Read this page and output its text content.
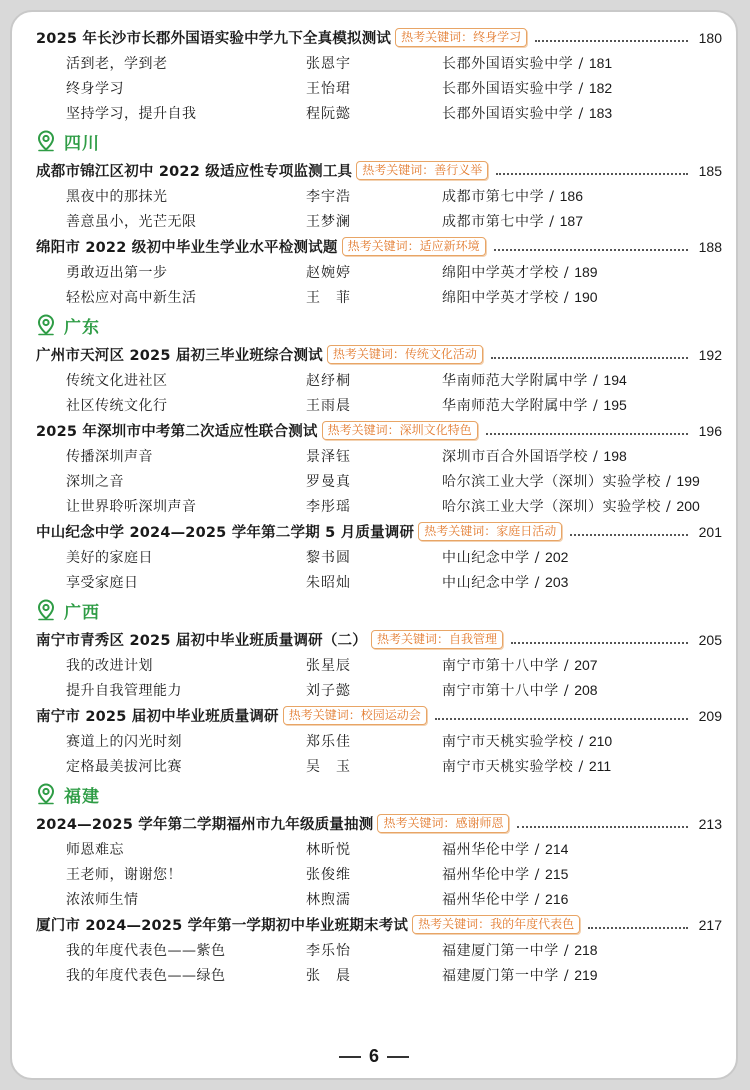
2025 年长沙市长郡外国语实验中学九下全真模拟测试 热考关键词：终身学习	180
活到老，学到老	张恩宇	长郡外国语实验中学 / 181
终身学习	王怡珺	长郡外国语实验中学 / 182
坚持学习，提升自我	程阮懿	长郡外国语实验中学 / 183
四川
成都市锦江区初中 2022 级适应性专项监测工具 热考关键词：善行义举	185
黑夜中的那抹光	李宇浩	成都市第七中学 / 186
善意虽小，光芒无限	王梦澜	成都市第七中学 / 187
绵阳市 2022 级初中毕业生学业水平检测试题 热考关键词：适应新环境	188
勇敢迈出第一步	赵婉婷	绵阳中学英才学校 / 189
轻松应对高中新生活	王　菲	绵阳中学英才学校 / 190
广东
广州市天河区 2025 届初三毕业班综合测试 热考关键词：传统文化活动	192
传统文化进社区	赵纾桐	华南师范大学附属中学 / 194
社区传统文化行	王雨晨	华南师范大学附属中学 / 195
2025 年深圳市中考第二次适应性联合测试 热考关键词：深圳文化特色	196
传播深圳声音	景泽钰	深圳市百合外国语学校 / 198
深圳之音	罗曼真	哈尔滨工业大学（深圳）实验学校 / 199
让世界聆听深圳声音	李彤瑶	哈尔滨工业大学（深圳）实验学校 / 200
中山纪念中学 2024—2025 学年第二学期 5 月质量调研 热考关键词：家庭日活动	201
美好的家庭日	黎书圆	中山纪念中学 / 202
享受家庭日	朱昭灿	中山纪念中学 / 203
广西
南宁市青秀区 2025 届初中毕业班质量调研（二） 热考关键词：自我管理	205
我的改进计划	张星辰	南宁市第十八中学 / 207
提升自我管理能力	刘子懿	南宁市第十八中学 / 208
南宁市 2025 届初中毕业班质量调研 热考关键词：校园运动会	209
赛道上的闪光时刻	郑乐佳	南宁市天桃实验学校 / 210
定格最美拔河比赛	吴　玉	南宁市天桃实验学校 / 211
福建
2024—2025 学年第二学期福州市九年级质量抽测 热考关键词：感谢师恩	213
师恩难忘	林昕悦	福州华伦中学 / 214
王老师，谢谢您！	张俊维	福州华伦中学 / 215
浓浓师生情	林煦濡	福州华伦中学 / 216
厦门市 2024—2025 学年第一学期初中毕业班期末考试 热考关键词：我的年度代表色	217
我的年度代表色——紫色	李乐怡	福建厦门第一中学 / 218
我的年度代表色——绿色	张　晨	福建厦门第一中学 / 219
6
